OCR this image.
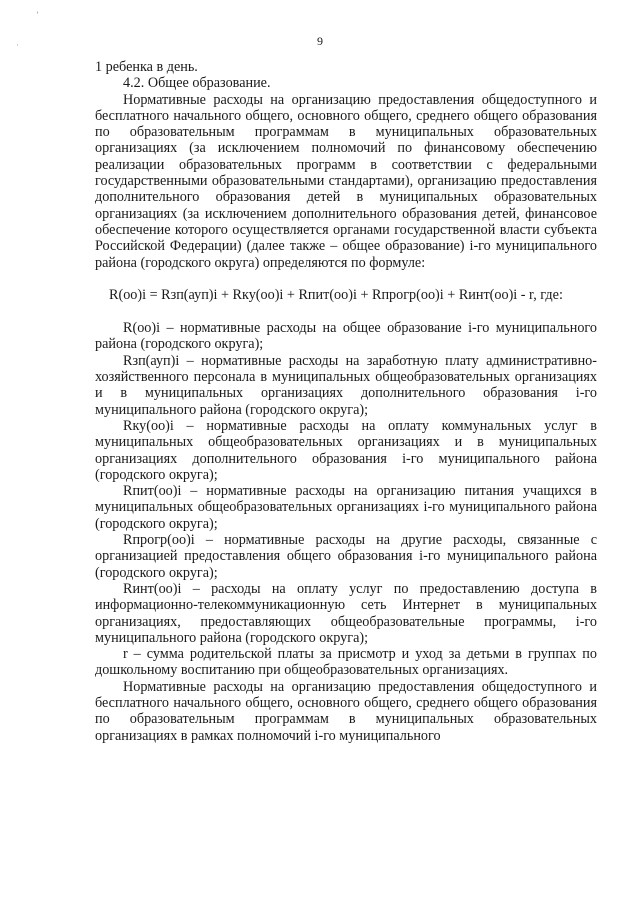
9

1 ребенка в день.

4.2. Общее образование.

Нормативные расходы на организацию предоставления общедоступного и бесплатного начального общего, основного общего, среднего общего образования по образовательным программам в муниципальных образовательных организациях (за исключением полномочий по финансовому обеспечению реализации образовательных программ в соответствии с федеральными государственными образовательными стандартами), организацию предоставления дополнительного образования детей в муниципальных образовательных организациях (за исключением дополнительного образования детей, финансовое обеспечение которого осуществляется органами государственной власти субъекта Российской Федерации) (далее также – общее образование) i-го муниципального района (городского округа) определяются по формуле:

R(оо)i = Rзп(ауп)i + Rку(оо)i + Rпит(оо)i + Rпрогр(оо)i + Rинт(оо)i - r, где:

R(оо)i – нормативные расходы на общее образование i-го муниципального района (городского округа);

Rзп(ауп)i – нормативные расходы на заработную плату административно-хозяйственного персонала в муниципальных общеобразовательных организациях и в муниципальных организациях дополнительного образования i-го муниципального района (городского округа);

Rку(оо)i – нормативные расходы на оплату коммунальных услуг в муниципальных общеобразовательных организациях и в муниципальных организациях дополнительного образования i-го муниципального района (городского округа);

Rпит(оо)i – нормативные расходы на организацию питания учащихся в муниципальных общеобразовательных организациях i-го муниципального района (городского округа);

Rпрогр(оо)i – нормативные расходы на другие расходы, связанные с организацией предоставления общего образования i-го муниципального района (городского округа);

Rинт(оо)i – расходы на оплату услуг по предоставлению доступа в информационно-телекоммуникационную сеть Интернет в муниципальных организациях, предоставляющих общеобразовательные программы, i-го муниципального района (городского округа);

r – сумма родительской платы за присмотр и уход за детьми в группах по дошкольному воспитанию при общеобразовательных организациях.

Нормативные расходы на организацию предоставления общедоступного и бесплатного начального общего, основного общего, среднего общего образования по образовательным программам в муниципальных образовательных организациях в рамках полномочий i-го муниципального

’
·
